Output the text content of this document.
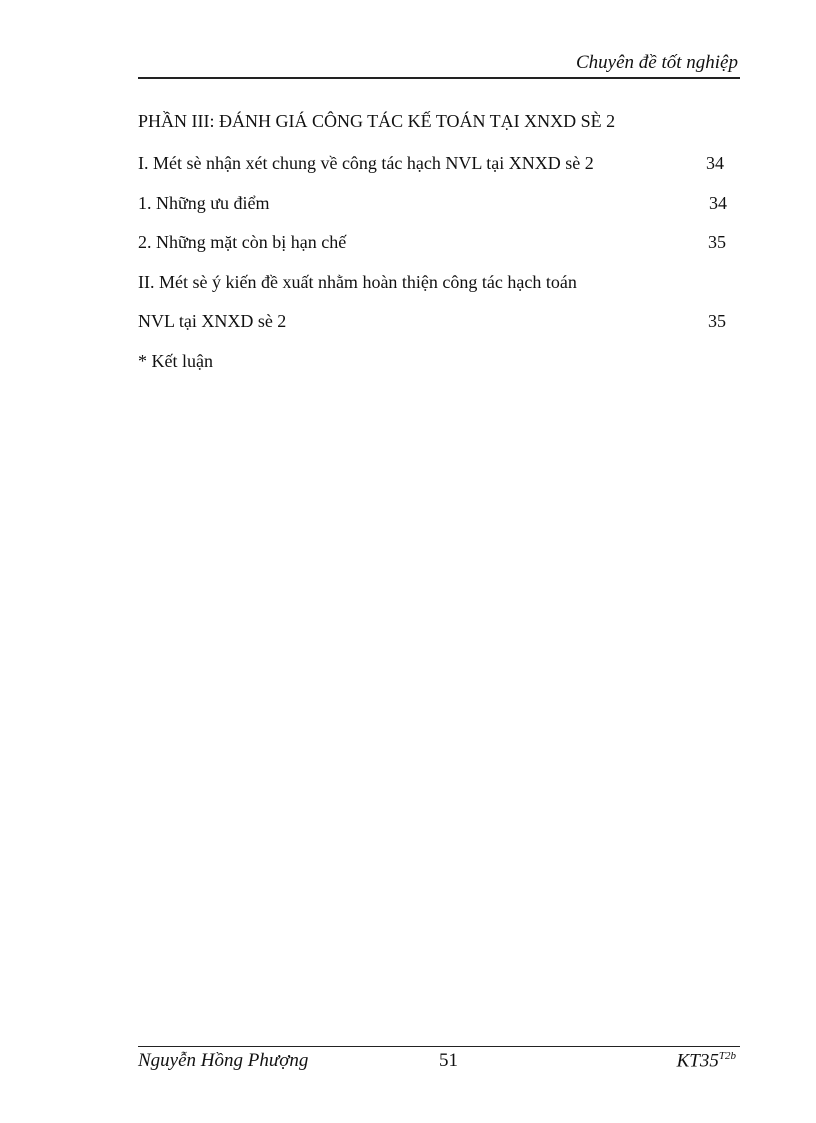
Chuyên đề tốt nghiệp
PHẦN III: ĐÁNH GIÁ CÔNG TÁC KẾ TOÁN TẠI XNXD SÈ 2
I. Mét sè nhận xét chung về công tác hạch NVL tại XNXD sè 2	34
1. Những ưu điểm	34
2. Những mặt còn bị hạn chế	35
II. Mét sè ý kiến đề xuất nhằm hoàn thiện công tác hạch toán
NVL tại XNXD sè 2	35
* Kết luận
Nguyễn Hồng Phượng	51	$KT35^{T2b}$
